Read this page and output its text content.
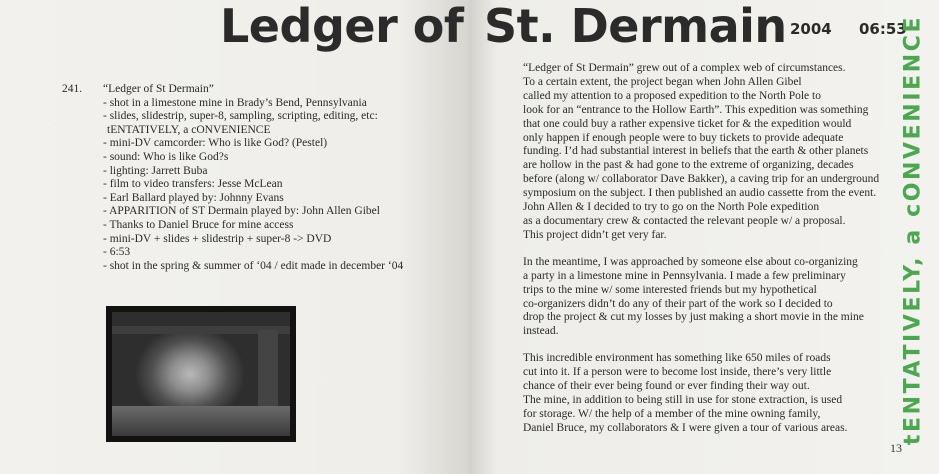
Ledger of St. Dermain 2004 06:53
241. “Ledger of St Dermain”
- shot in a limestone mine in Brady’s Bend, Pennsylvania
- slides, slidestrip, super-8, sampling, scripting, editing, etc:
tENTATIVELY, a cONVENIENCE
- mini-DV camcorder: Who is like God? (Pestel)
- sound: Who is like God?s
- lighting: Jarrett Buba
- film to video transfers: Jesse McLean
- Earl Ballard played by: Johnny Evans
- APPARITION of ST Dermain played by: John Allen Gibel
- Thanks to Daniel Bruce for mine access
- mini-DV + slides + slidestrip + super-8 -> DVD
- 6:53
- shot in the spring & summer of ‘04 / edit made in december ‘04

“Ledger of St Dermain” grew out of a complex web of circumstances.
To a certain extent, the project began when John Allen Gibel
called my attention to a proposed expedition to the North Pole to
look for an “entrance to the Hollow Earth”. This expedition was something
that one could buy a rather expensive ticket for & the expedition would
only happen if enough people were to buy tickets to provide adequate
funding. I’d had substantial interest in beliefs that the earth & other planets
are hollow in the past & had gone to the extreme of organizing, decades
before (along w/ collaborator Dave Bakker), a caving trip for an underground
symposium on the subject. I then published an audio cassette from the event.
John Allen & I decided to try to go on the North Pole expedition
as a documentary crew & contacted the relevant people w/ a proposal.
This project didn’t get very far.

In the meantime, I was approached by someone else about co-organizing
a party in a limestone mine in Pennsylvania. I made a few preliminary
trips to the mine w/ some interested friends but my hypothetical
co-organizers didn’t do any of their part of the work so I decided to
drop the project & cut my losses by just making a short movie in the mine
instead.

This incredible environment has something like 650 miles of roads
cut into it. If a person were to become lost inside, there’s very little
chance of their ever being found or ever finding their way out.
The mine, in addition to being still in use for stone extraction, is used
for storage. W/ the help of a member of the mine owning family,
Daniel Bruce, my collaborators & I were given a tour of various areas.	tENTATIVELY, a cONVENIENCE
13
